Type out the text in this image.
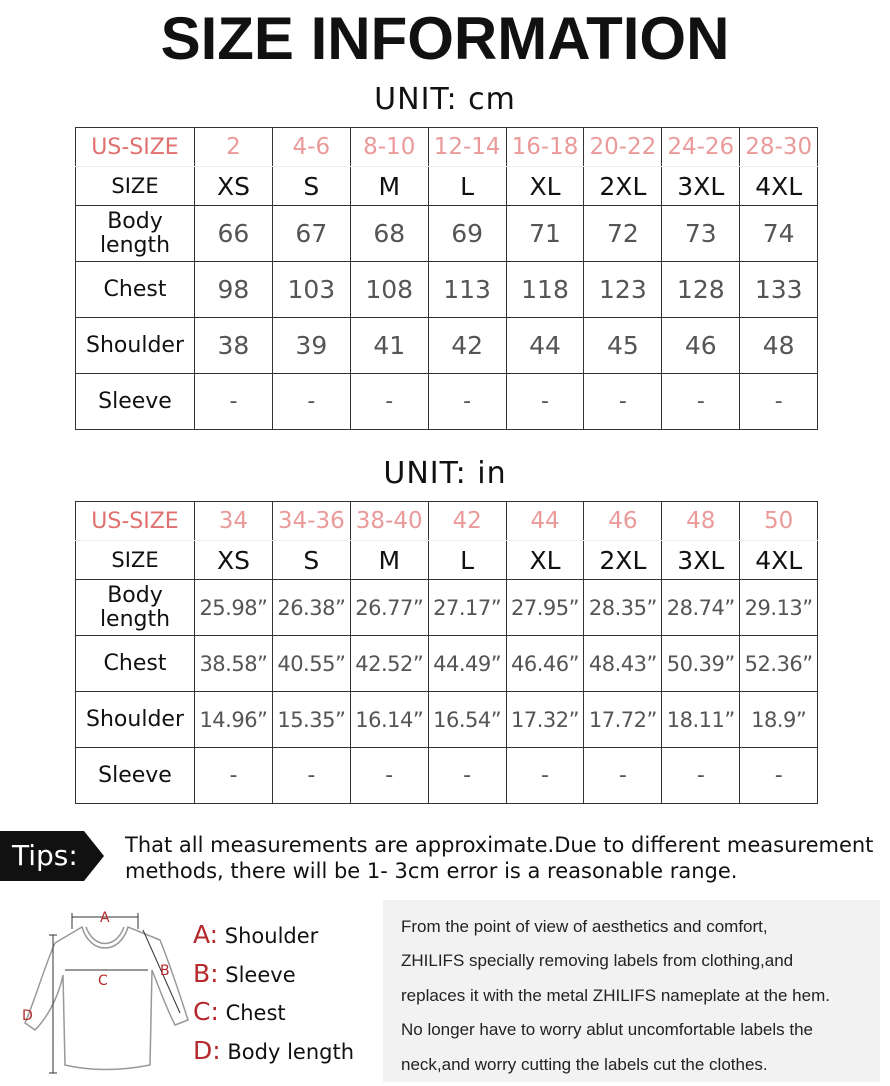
SIZE INFORMATION
UNIT: cm
US-SIZE	2	4-6	8-10	12-14	16-18	20-22	24-26	28-30
SIZE	XS	S	M	L	XL	2XL	3XL	4XL
Body length	66	67	68	69	71	72	73	74
Chest	98	103	108	113	118	123	128	133
Shoulder	38	39	41	42	44	45	46	48
Sleeve	-	-	-	-	-	-	-	-
UNIT: in
US-SIZE	34	34-36	38-40	42	44	46	48	50
SIZE	XS	S	M	L	XL	2XL	3XL	4XL
Body length	25.98”	26.38”	26.77”	27.17”	27.95”	28.35”	28.74”	29.13”
Chest	38.58”	40.55”	42.52”	44.49”	46.46”	48.43”	50.39”	52.36”
Shoulder	14.96”	15.35”	16.14”	16.54”	17.32”	17.72”	18.11”	18.9”
Sleeve	-	-	-	-	-	-	-	-
Tips: That all measurements are approximate.Due to different measurement methods, there will be 1- 3cm error is a reasonable range.
A
B
C
D
A: Shoulder
B: Sleeve
C: Chest
D: Body length
From the point of view of aesthetics and comfort,
ZHILIFS specially removing labels from clothing,and
replaces it with the metal ZHILIFS nameplate at the hem.
No longer have to worry ablut uncomfortable labels the
neck,and worry cutting the labels cut the clothes.
